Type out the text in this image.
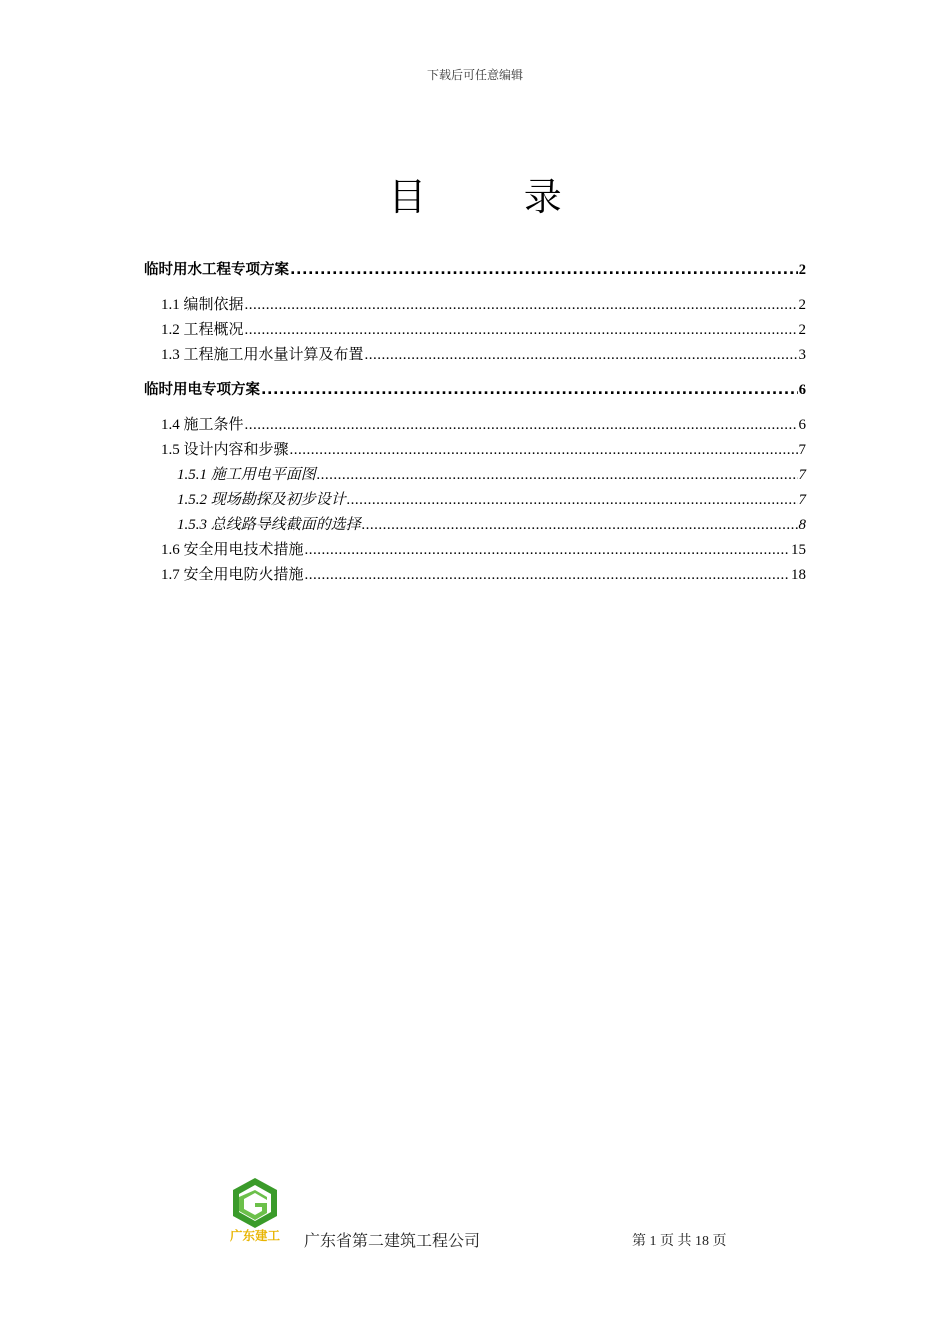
下载后可任意编辑
目 录
临时用水工程专项方案 .....	2
1.1 编制依据 .....	2
1.2 工程概况 .....	2
1.3 工程施工用水量计算及布置 .....	3
临时用电专项方案 .....	6
1.4 施工条件 .....	6
1.5 设计内容和步骤 .....	7
1.5.1 施工用电平面图 .....	7
1.5.2 现场勘探及初步设计 .....	7
1.5.3 总线路导线截面的选择 .....	8
1.6 安全用电技术措施 .....	15
1.7 安全用电防火措施 .....	18
广东建工 广东省第二建筑工程公司	第 1 页 共 18 页
